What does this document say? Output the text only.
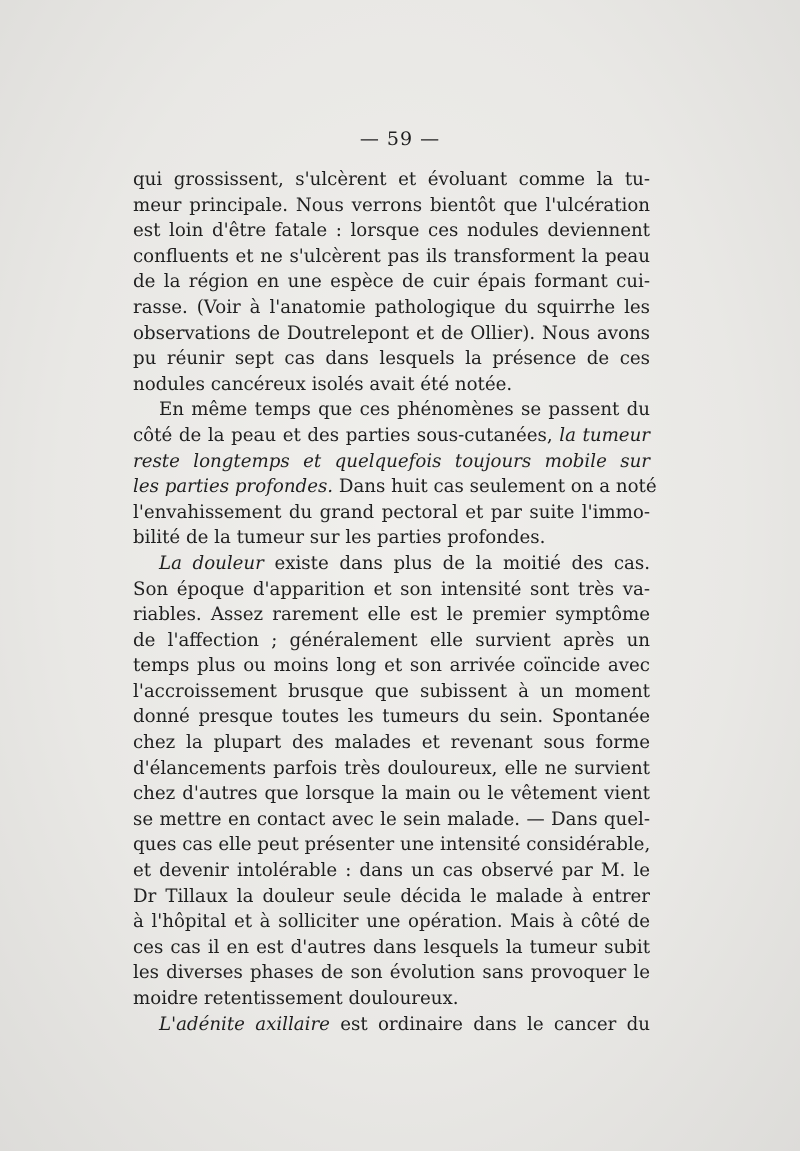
— 59 —
qui grossissent, s'ulcèrent et évoluant comme la tu-
meur principale. Nous verrons bientôt que l'ulcération
est loin d'être fatale : lorsque ces nodules deviennent
confluents et ne s'ulcèrent pas ils transforment la peau
de la région en une espèce de cuir épais formant cui-
rasse. (Voir à l'anatomie pathologique du squirrhe les
observations de Doutrelepont et de Ollier). Nous avons
pu réunir sept cas dans lesquels la présence de ces
nodules cancéreux isolés avait été notée.
En même temps que ces phénomènes se passent du
côté de la peau et des parties sous-cutanées, la tumeur
reste longtemps et quelquefois toujours mobile sur
les parties profondes. Dans huit cas seulement on a noté
l'envahissement du grand pectoral et par suite l'immo-
bilité de la tumeur sur les parties profondes.
La douleur existe dans plus de la moitié des cas.
Son époque d'apparition et son intensité sont très va-
riables. Assez rarement elle est le premier symptôme
de l'affection ; généralement elle survient après un
temps plus ou moins long et son arrivée coïncide avec
l'accroissement brusque que subissent à un moment
donné presque toutes les tumeurs du sein. Spontanée
chez la plupart des malades et revenant sous forme
d'élancements parfois très douloureux, elle ne survient
chez d'autres que lorsque la main ou le vêtement vient
se mettre en contact avec le sein malade. — Dans quel-
ques cas elle peut présenter une intensité considérable,
et devenir intolérable : dans un cas observé par M. le
Dr Tillaux la douleur seule décida le malade à entrer
à l'hôpital et à solliciter une opération. Mais à côté de
ces cas il en est d'autres dans lesquels la tumeur subit
les diverses phases de son évolution sans provoquer le
moidre retentissement douloureux.
L'adénite axillaire est ordinaire dans le cancer du
